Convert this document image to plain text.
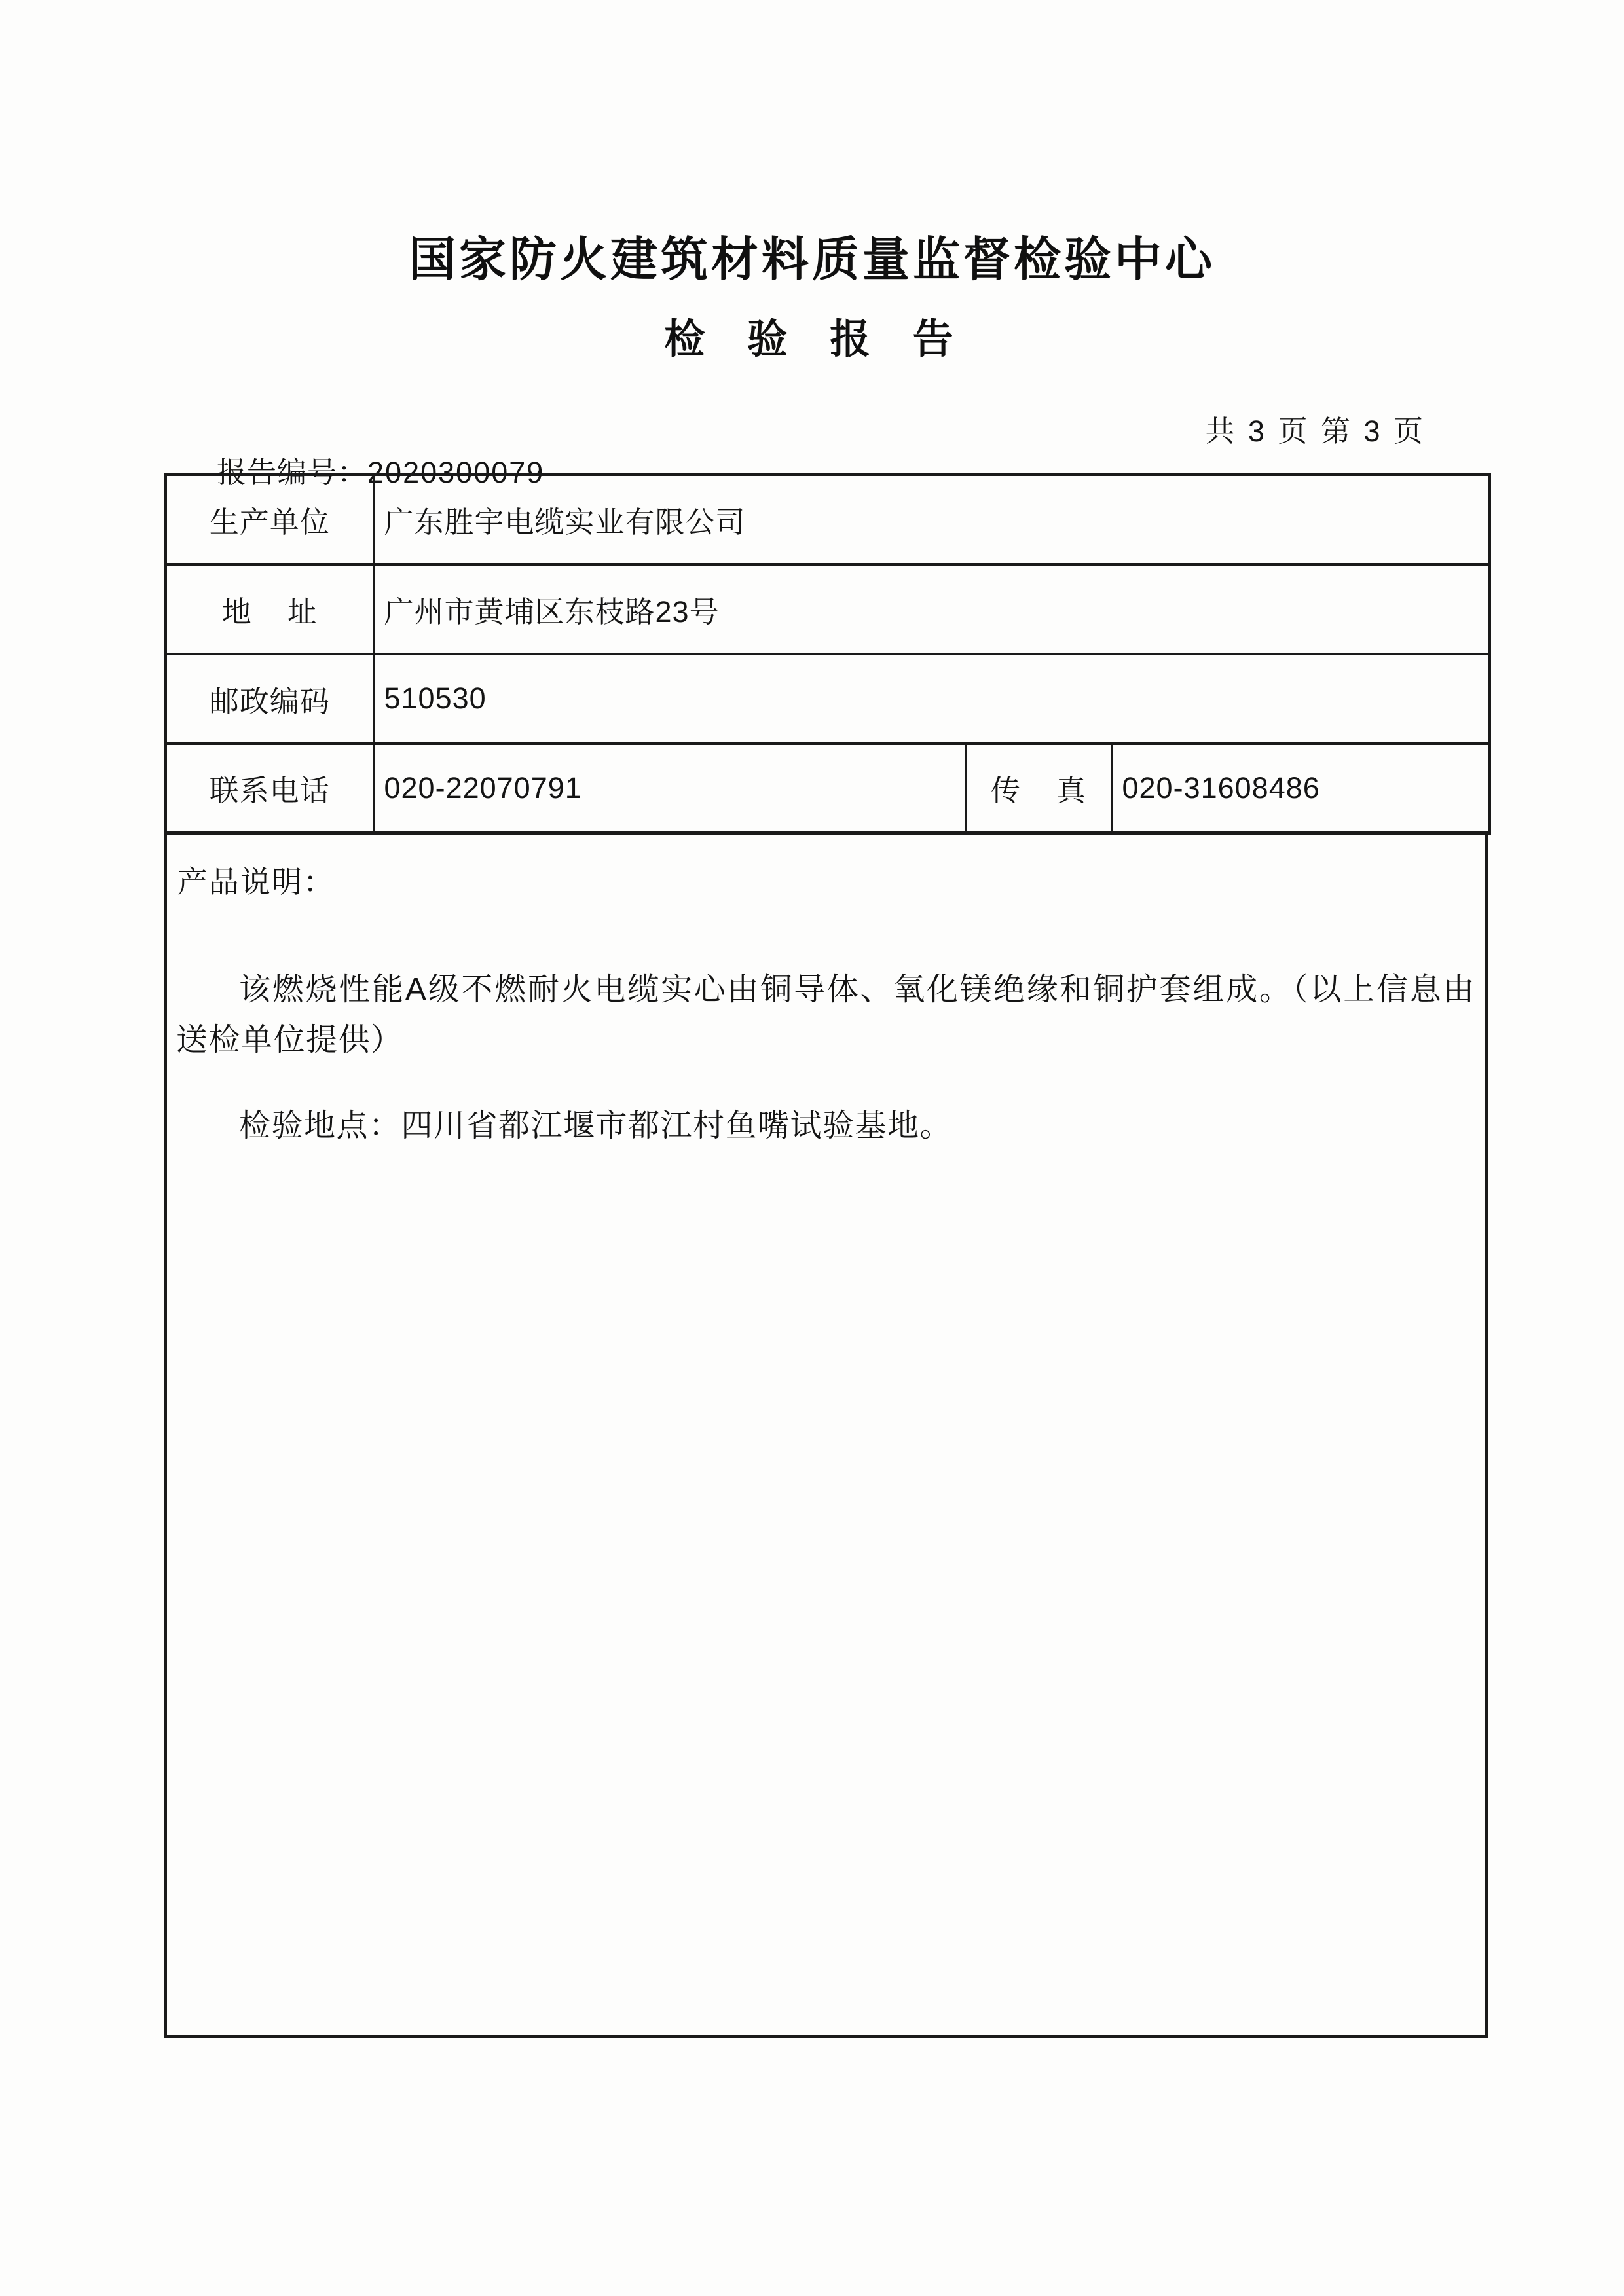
国家防火建筑材料质量监督检验中心
检  验  报  告

报告编号：2020300079

共 3 页 第 3 页
生产单位	广东胜宇电缆实业有限公司		
地    址	广州市黄埔区东枝路23号		
邮政编码	510530		
联系电话	020-22070791	传    真	020-31608486
产品说明：
该燃烧性能A级不燃耐火电缆实心由铜导体、氧化镁绝缘和铜护套组成。（以上信息由送检单位提供）
检验地点：四川省都江堰市都江村鱼嘴试验基地。
